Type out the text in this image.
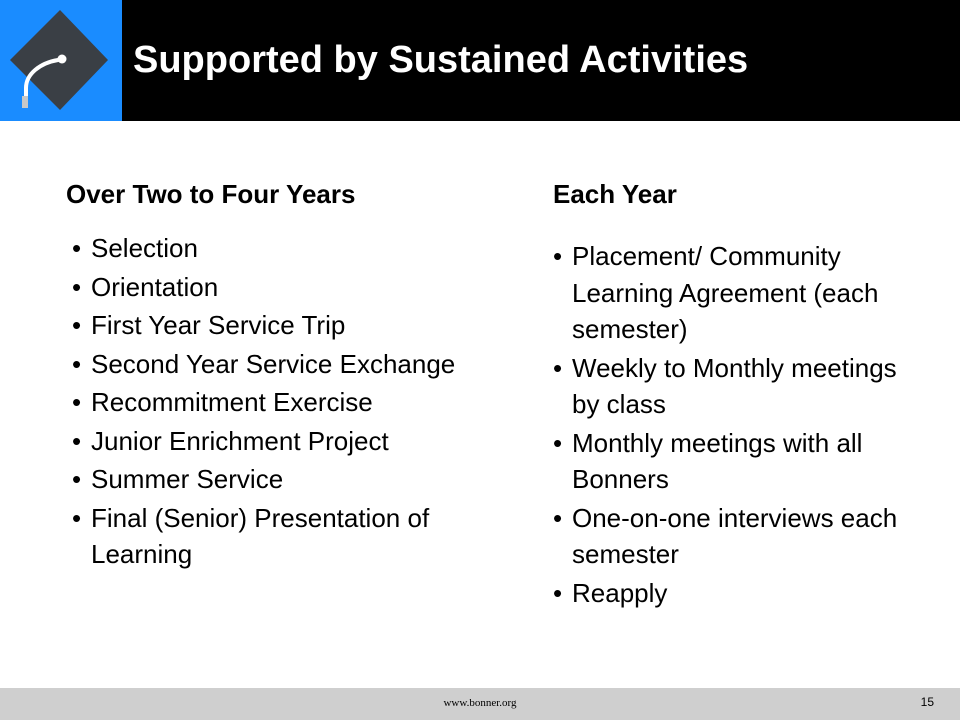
Supported by Sustained Activities
Over Two to Four Years
• Selection
• Orientation
• First Year Service Trip
• Second Year Service Exchange
• Recommitment Exercise
• Junior Enrichment Project
• Summer Service
• Final (Senior) Presentation of Learning
Each Year
• Placement/ Community Learning Agreement (each semester)
• Weekly to Monthly meetings by class
• Monthly meetings with all Bonners
• One-on-one interviews each semester
• Reapply
www.bonner.org	15
